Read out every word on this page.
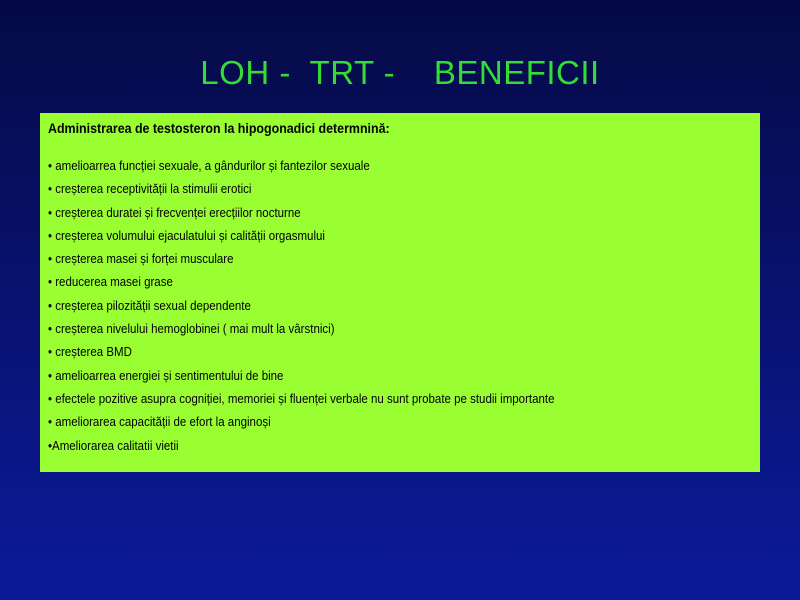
LOH -  TRT -    BENEFICII
Administrarea de testosteron la hipogonadici determnină:
• amelioarrea funcției sexuale, a gândurilor și fantezilor sexuale
• creșterea receptivității la stimulii erotici
• creșterea duratei și frecvenței erecțiilor nocturne
• creșterea volumului ejaculatului și calității orgasmului
• creșterea masei și forței musculare
• reducerea masei grase
• creșterea pilozității sexual dependente
• creșterea nivelului hemoglobinei ( mai mult la vârstnici)
• creșterea BMD
• amelioarrea energiei și sentimentului de bine
• efectele pozitive asupra cogniției, memoriei și fluenței verbale nu sunt probate pe studii importante
• ameliorarea capacității de efort la anginoși
•Ameliorarea calitatii vietii
